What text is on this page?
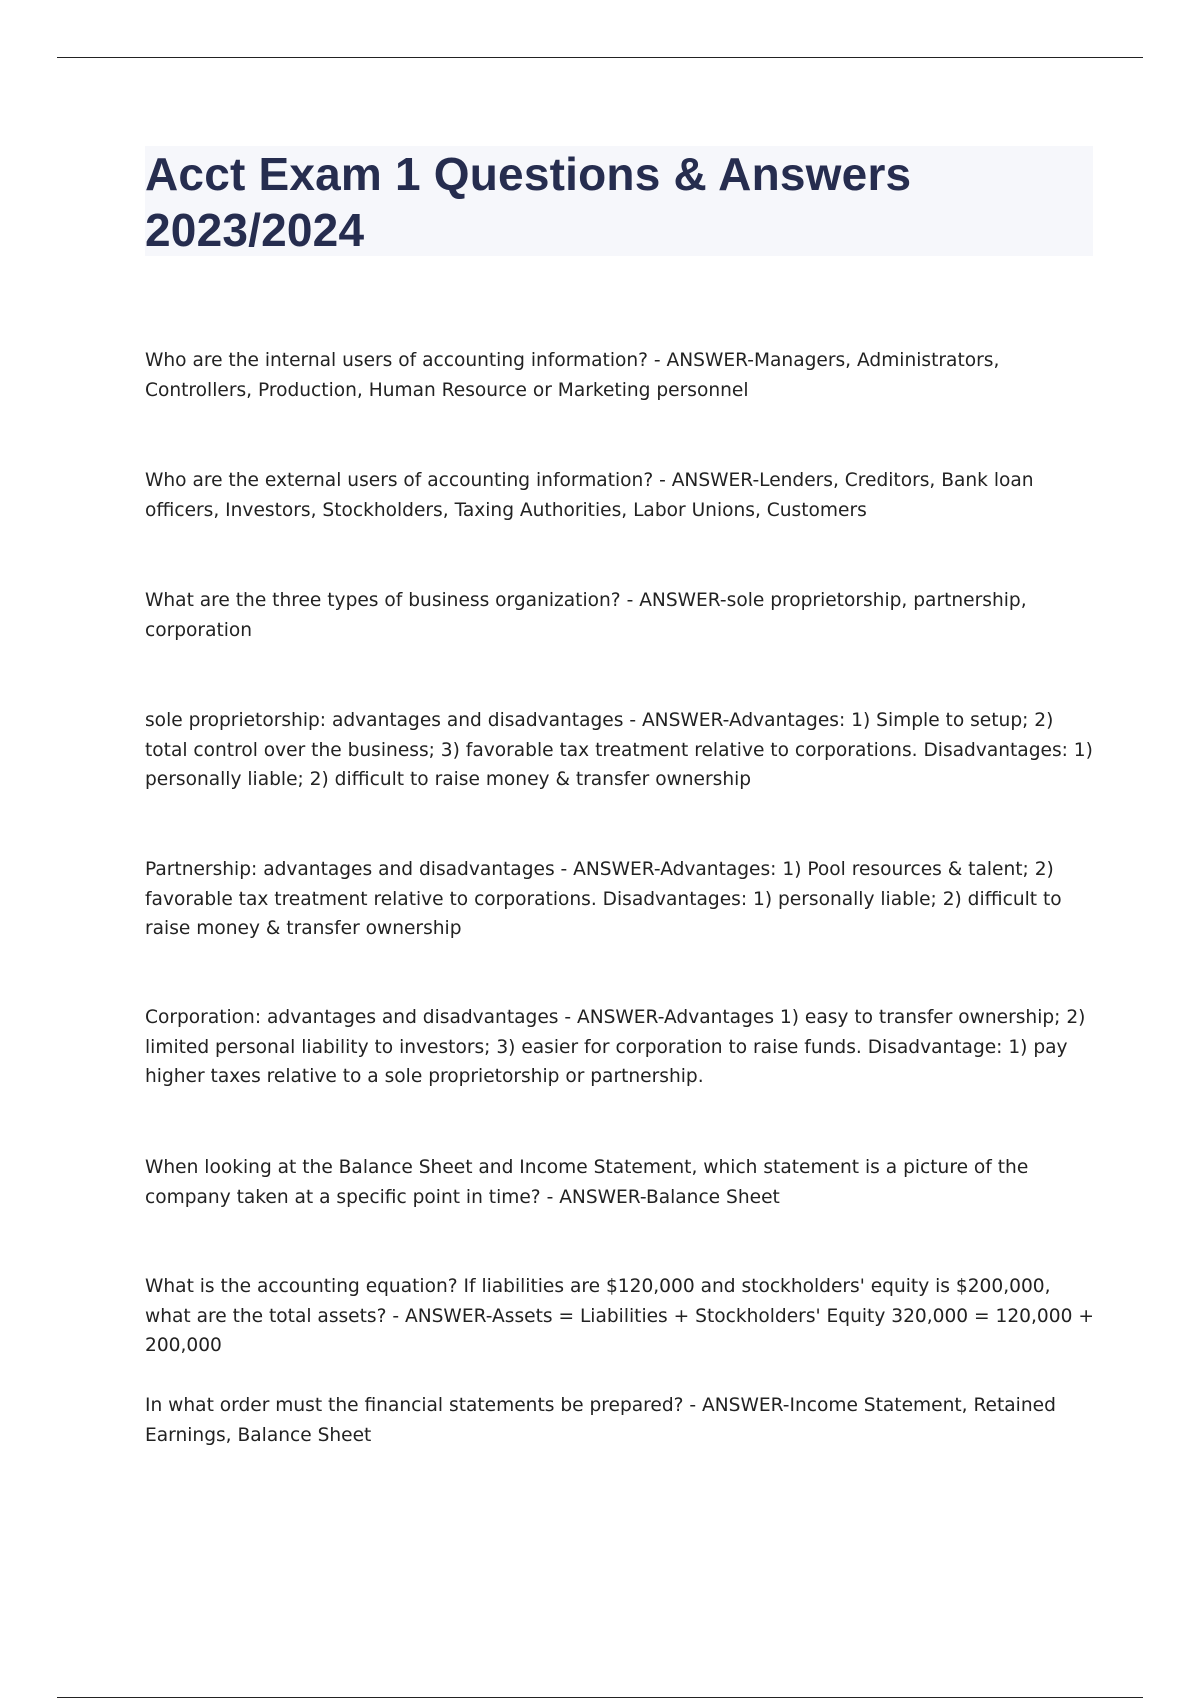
Acct Exam 1 Questions & Answers 2023/2024
Who are the internal users of accounting information? - ANSWER-Managers, Administrators, Controllers, Production, Human Resource or Marketing personnel
Who are the external users of accounting information? - ANSWER-Lenders, Creditors, Bank loan officers, Investors, Stockholders, Taxing Authorities, Labor Unions, Customers
What are the three types of business organization? - ANSWER-sole proprietorship, partnership, corporation
sole proprietorship: advantages and disadvantages - ANSWER-Advantages: 1) Simple to setup; 2) total control over the business; 3) favorable tax treatment relative to corporations. Disadvantages: 1) personally liable; 2) difficult to raise money & transfer ownership
Partnership: advantages and disadvantages - ANSWER-Advantages: 1) Pool resources & talent; 2) favorable tax treatment relative to corporations. Disadvantages: 1) personally liable; 2) difficult to raise money & transfer ownership
Corporation: advantages and disadvantages - ANSWER-Advantages 1) easy to transfer ownership; 2) limited personal liability to investors; 3) easier for corporation to raise funds. Disadvantage: 1) pay higher taxes relative to a sole proprietorship or partnership.
When looking at the Balance Sheet and Income Statement, which statement is a picture of the company taken at a specific point in time? - ANSWER-Balance Sheet
What is the accounting equation? If liabilities are $120,000 and stockholders' equity is $200,000, what are the total assets? - ANSWER-Assets = Liabilities + Stockholders' Equity 320,000 = 120,000 + 200,000
In what order must the financial statements be prepared? - ANSWER-Income Statement, Retained Earnings, Balance Sheet
